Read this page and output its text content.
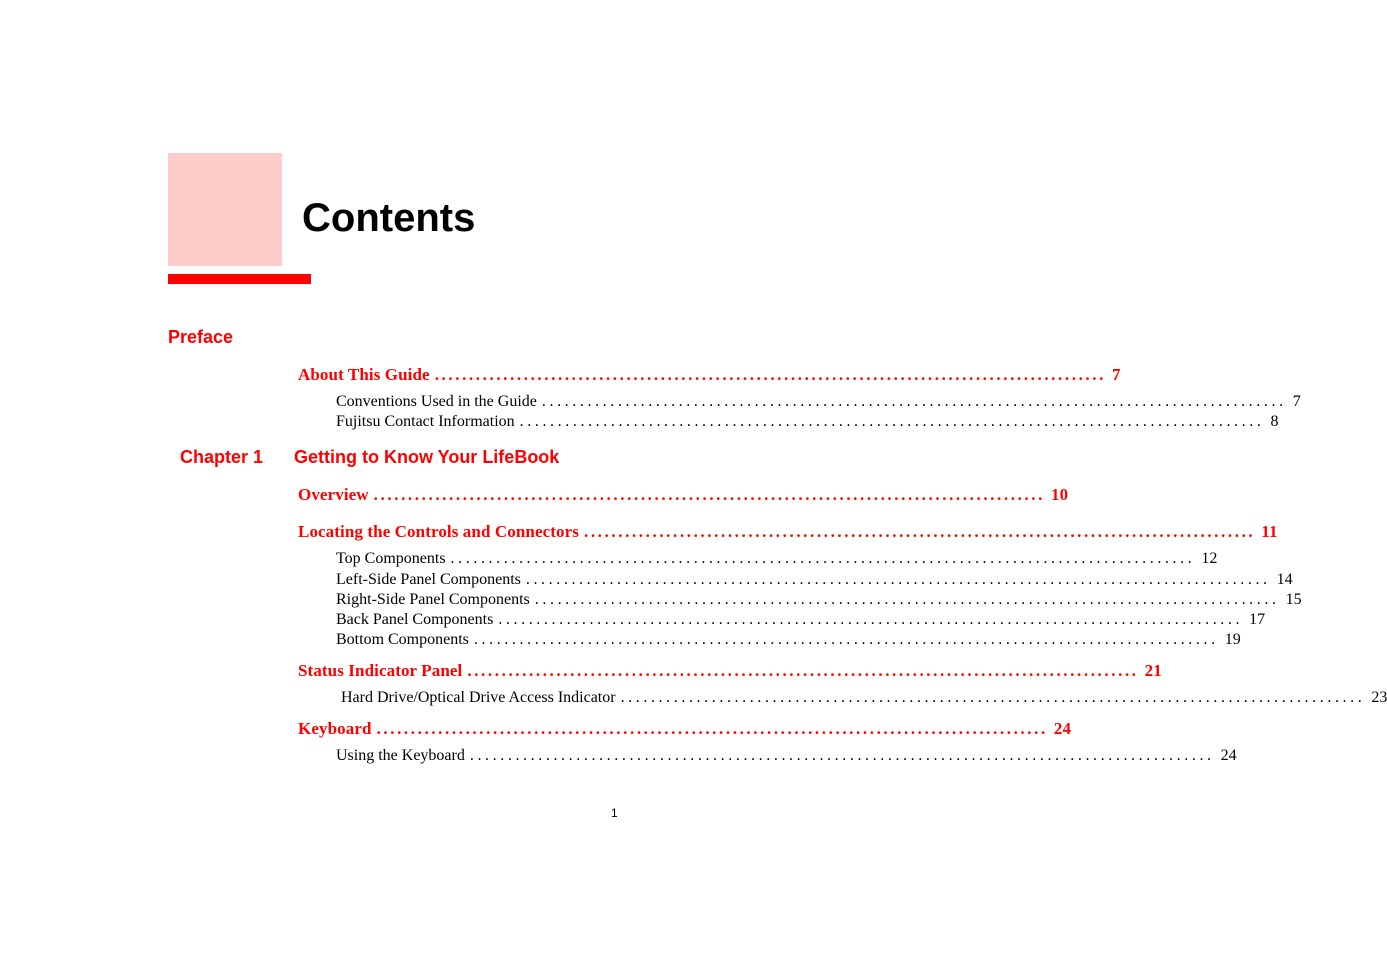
Contents
Preface
About This Guide .................................................................................................. 7
Conventions Used in the Guide .................................................................................................. 7
Fujitsu Contact Information .................................................................................................. 8
Chapter 1 Getting to Know Your LifeBook
Overview .................................................................................................. 10
Locating the Controls and Connectors .................................................................................................. 11
Top Components .................................................................................................. 12
Left-Side Panel Components .................................................................................................. 14
Right-Side Panel Components .................................................................................................. 15
Back Panel Components .................................................................................................. 17
Bottom Components .................................................................................................. 19
Status Indicator Panel .................................................................................................. 21
Hard Drive/Optical Drive Access Indicator .................................................................................................. 23
Keyboard .................................................................................................. 24
Using the Keyboard .................................................................................................. 24
1
